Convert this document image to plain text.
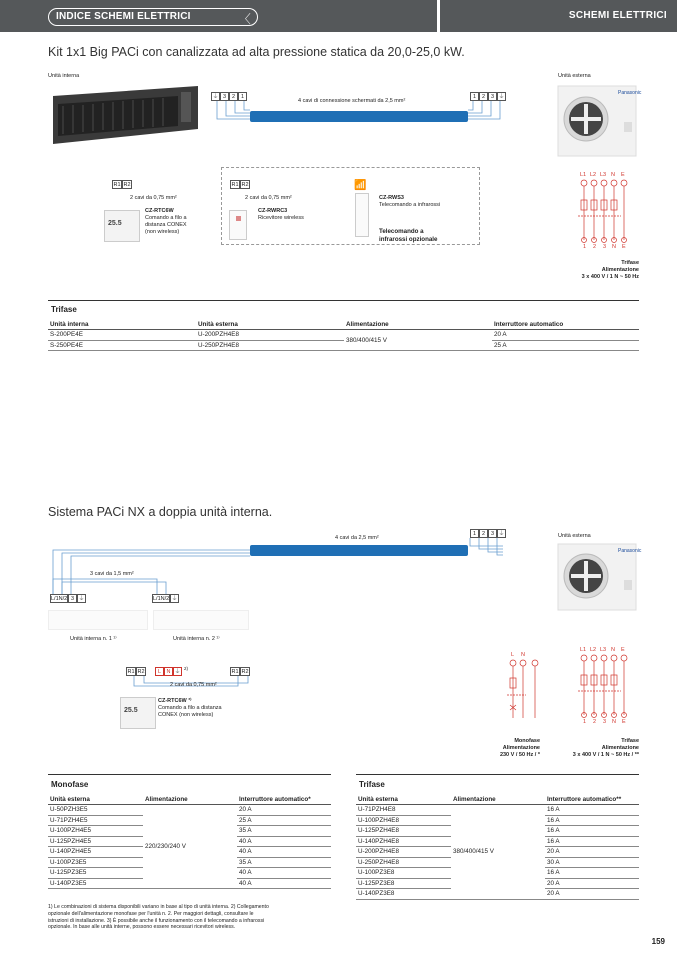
INDICE SCHEMI ELETTRICI	〈	SCHEMI ELETTRICI
Kit 1x1 Big PACi con canalizzata ad alta pressione statica da 20,0-25,0 kW.
Unità interna	Unità esterna
Panasonic
⏚ 3	2	1	1	2	3 ⏚
4 cavi di connessione schermati da 2,5 mm²
R1 R2	R1 R2
2 cavi da 0,75 mm²	2 cavi da 0,75 mm²
25.5
CZ-RTC6W
Comando a filo a
distanza CONEX
(non wireless)
CZ-RWRC3
Ricevitore wireless
📶
CZ-RWS3
Telecomando a infrarossi
Telecomando a
infrarossi opzionale
L1 L2 L3 N E
1 2 3 N E
Trifase
Alimentazione
3 x 400 V / 1 N ~ 50 Hz
Trifase
Unità interna	Unità esterna	Alimentazione	Interruttore automatico
S-200PE4E	U-200PZH4E8	380/400/415 V	20 A
S-250PE4E	U-250PZH4E8		25 A
Sistema PACi NX a doppia unità interna.
4 cavi da 2,5 mm²
1	2	3 ⏚	Unità esterna
Panasonic
3 cavi da 1,5 mm²
L/1N/2 3 ⏚	L/1N/2 ⏚
Unità interna n. 1 ¹⁾	Unità interna n. 2 ¹⁾
R1 R2	L N ⏚
2)
R1 R2
2 cavi da 0,75 mm²
25.5
CZ-RTC6W ³⁾
Comando a filo a distanza
CONEX (non wireless)
L N
L1 L2 L3 N E
1 2 3 N E
Monofase
Alimentazione
230 V / 50 Hz / *
Trifase
Alimentazione
3 x 400 V / 1 N ~ 50 Hz / **
Monofase
Unità esterna	Alimentazione	Interruttore automatico*
U-50PZH3E5	220/230/240 V	20 A
U-71PZH4E5		25 A
U-100PZH4E5		35 A
U-125PZH4E5		40 A
U-140PZH4E5		40 A
U-100PZ3E5		35 A
U-125PZ3E5		40 A
U-140PZ3E5		40 A
Trifase
Unità esterna	Alimentazione	Interruttore automatico**
U-71PZH4E8	380/400/415 V	16 A
U-100PZH4E8		16 A
U-125PZH4E8		16 A
U-140PZH4E8		16 A
U-200PZH4E8		20 A
U-250PZH4E8		30 A
U-100PZ3E8		16 A
U-125PZ3E8		20 A
U-140PZ3E8		20 A
1) Le combinazioni di sistema disponibili variano in base al tipo di unità interna. 2) Collegamento
opzionale dell'alimentazione monofase per l'unità n. 2. Per maggiori dettagli, consultare le
istruzioni di installazione. 3) È possibile anche il funzionamento con il telecomando a infrarossi
opzionale. In base alle unità interne, possono essere necessari ricevitori wireless.
159
